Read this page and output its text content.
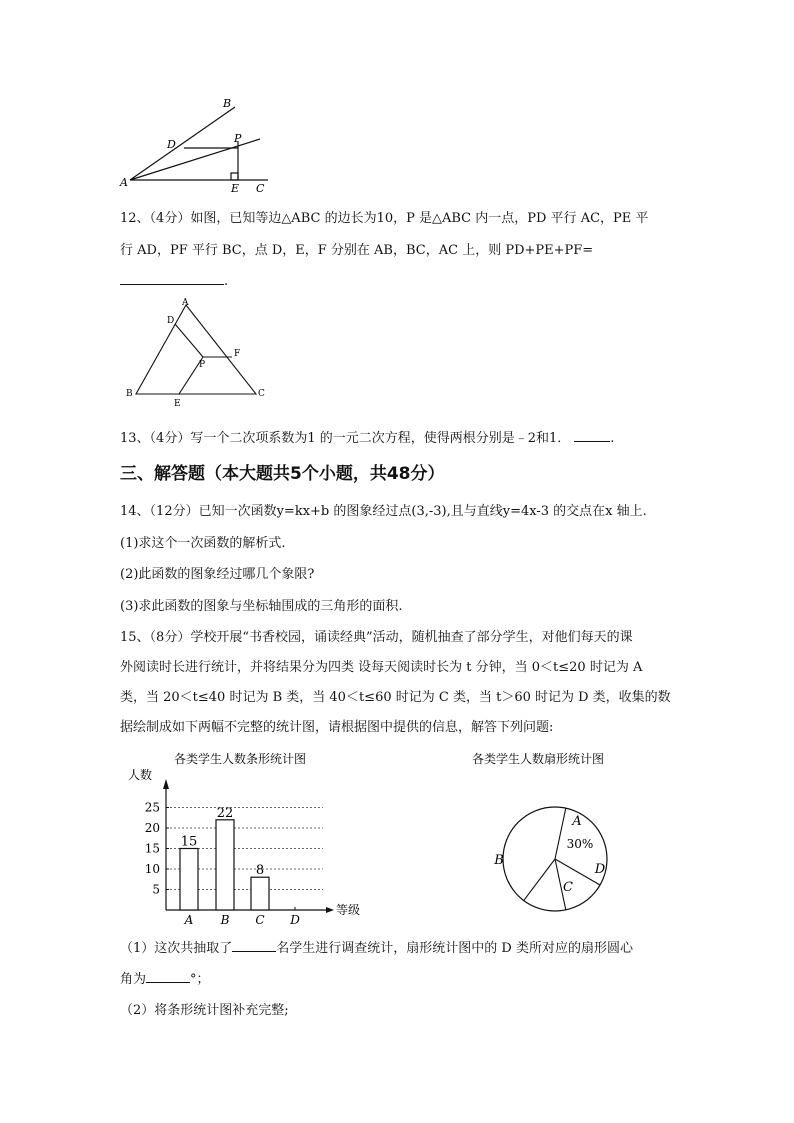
B
D	P
A	E C
12、（4分）如图，已知等边△ABC 的边长为10，P 是△ABC 内一点，PD 平行 AC，PE 平
行 AD，PF 平行 BC，点 D，E，F 分别在 AB，BC，AC 上，则 PD+PE+PF=
.
A
D
F
P
B
E
C
13、（4分）写一个二次项系数为1 的一元二次方程，使得两根分别是﹣2和1．	.
三、解答题（本大题共5个小题，共48分）
14、（12分）已知一次函数y=kx+b 的图象经过点(3,-3),且与直线y=4x-3 的交点在x 轴上.
(1)求这个一次函数的解析式.
(2)此函数的图象经过哪几个象限?
(3)求此函数的图象与坐标轴围成的三角形的面积.
15、（8分）学校开展“书香校园，诵读经典”活动，随机抽查了部分学生，对他们每天的课
外阅读时长进行统计，并将结果分为四类 设每天阅读时长为 t 分钟，当 0＜t≤20 时记为 A
类，当 20＜t≤40 时记为 B 类，当 40＜t≤60 时记为 C 类，当 t＞60 时记为 D 类，收集的数
据绘制成如下两幅不完整的统计图，请根据图中提供的信息，解答下列问题:
各类学生人数条形统计图
人数
等级
5
10
15
20
25
A B C D
15
22
8
各类学生人数扇形统计图
A
B
C
D
30%
（1）这次共抽取了	名学生进行调查统计，扇形统计图中的 D 类所对应的扇形圆心
角为	°；
（2）将条形统计图补充完整;
